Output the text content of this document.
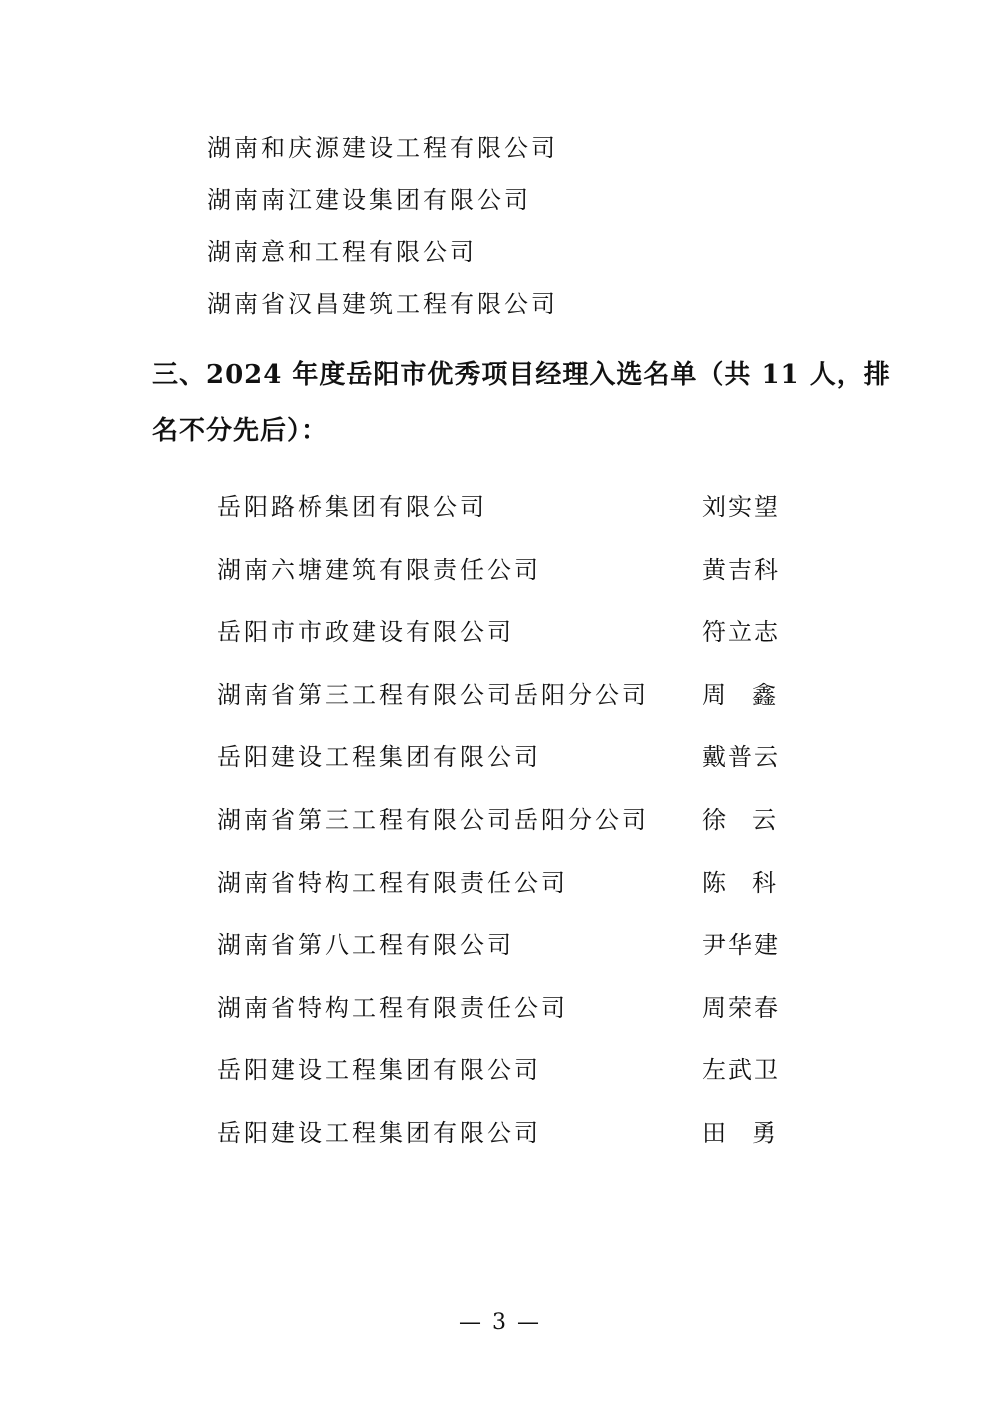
湖南和庆源建设工程有限公司
湖南南江建设集团有限公司
湖南意和工程有限公司
湖南省汉昌建筑工程有限公司
三、2024 年度岳阳市优秀项目经理入选名单（共 11 人，排
名不分先后）：
岳阳路桥集团有限公司	刘实望
湖南六塘建筑有限责任公司	黄吉科
岳阳市市政建设有限公司	符立志
湖南省第三工程有限公司岳阳分公司 周鑫
岳阳建设工程集团有限公司	戴普云
湖南省第三工程有限公司岳阳分公司 徐云
湖南省特构工程有限责任公司	陈科
湖南省第八工程有限公司	尹华建
湖南省特构工程有限责任公司	周荣春
岳阳建设工程集团有限公司	左武卫
岳阳建设工程集团有限公司	田勇
— 3 —
